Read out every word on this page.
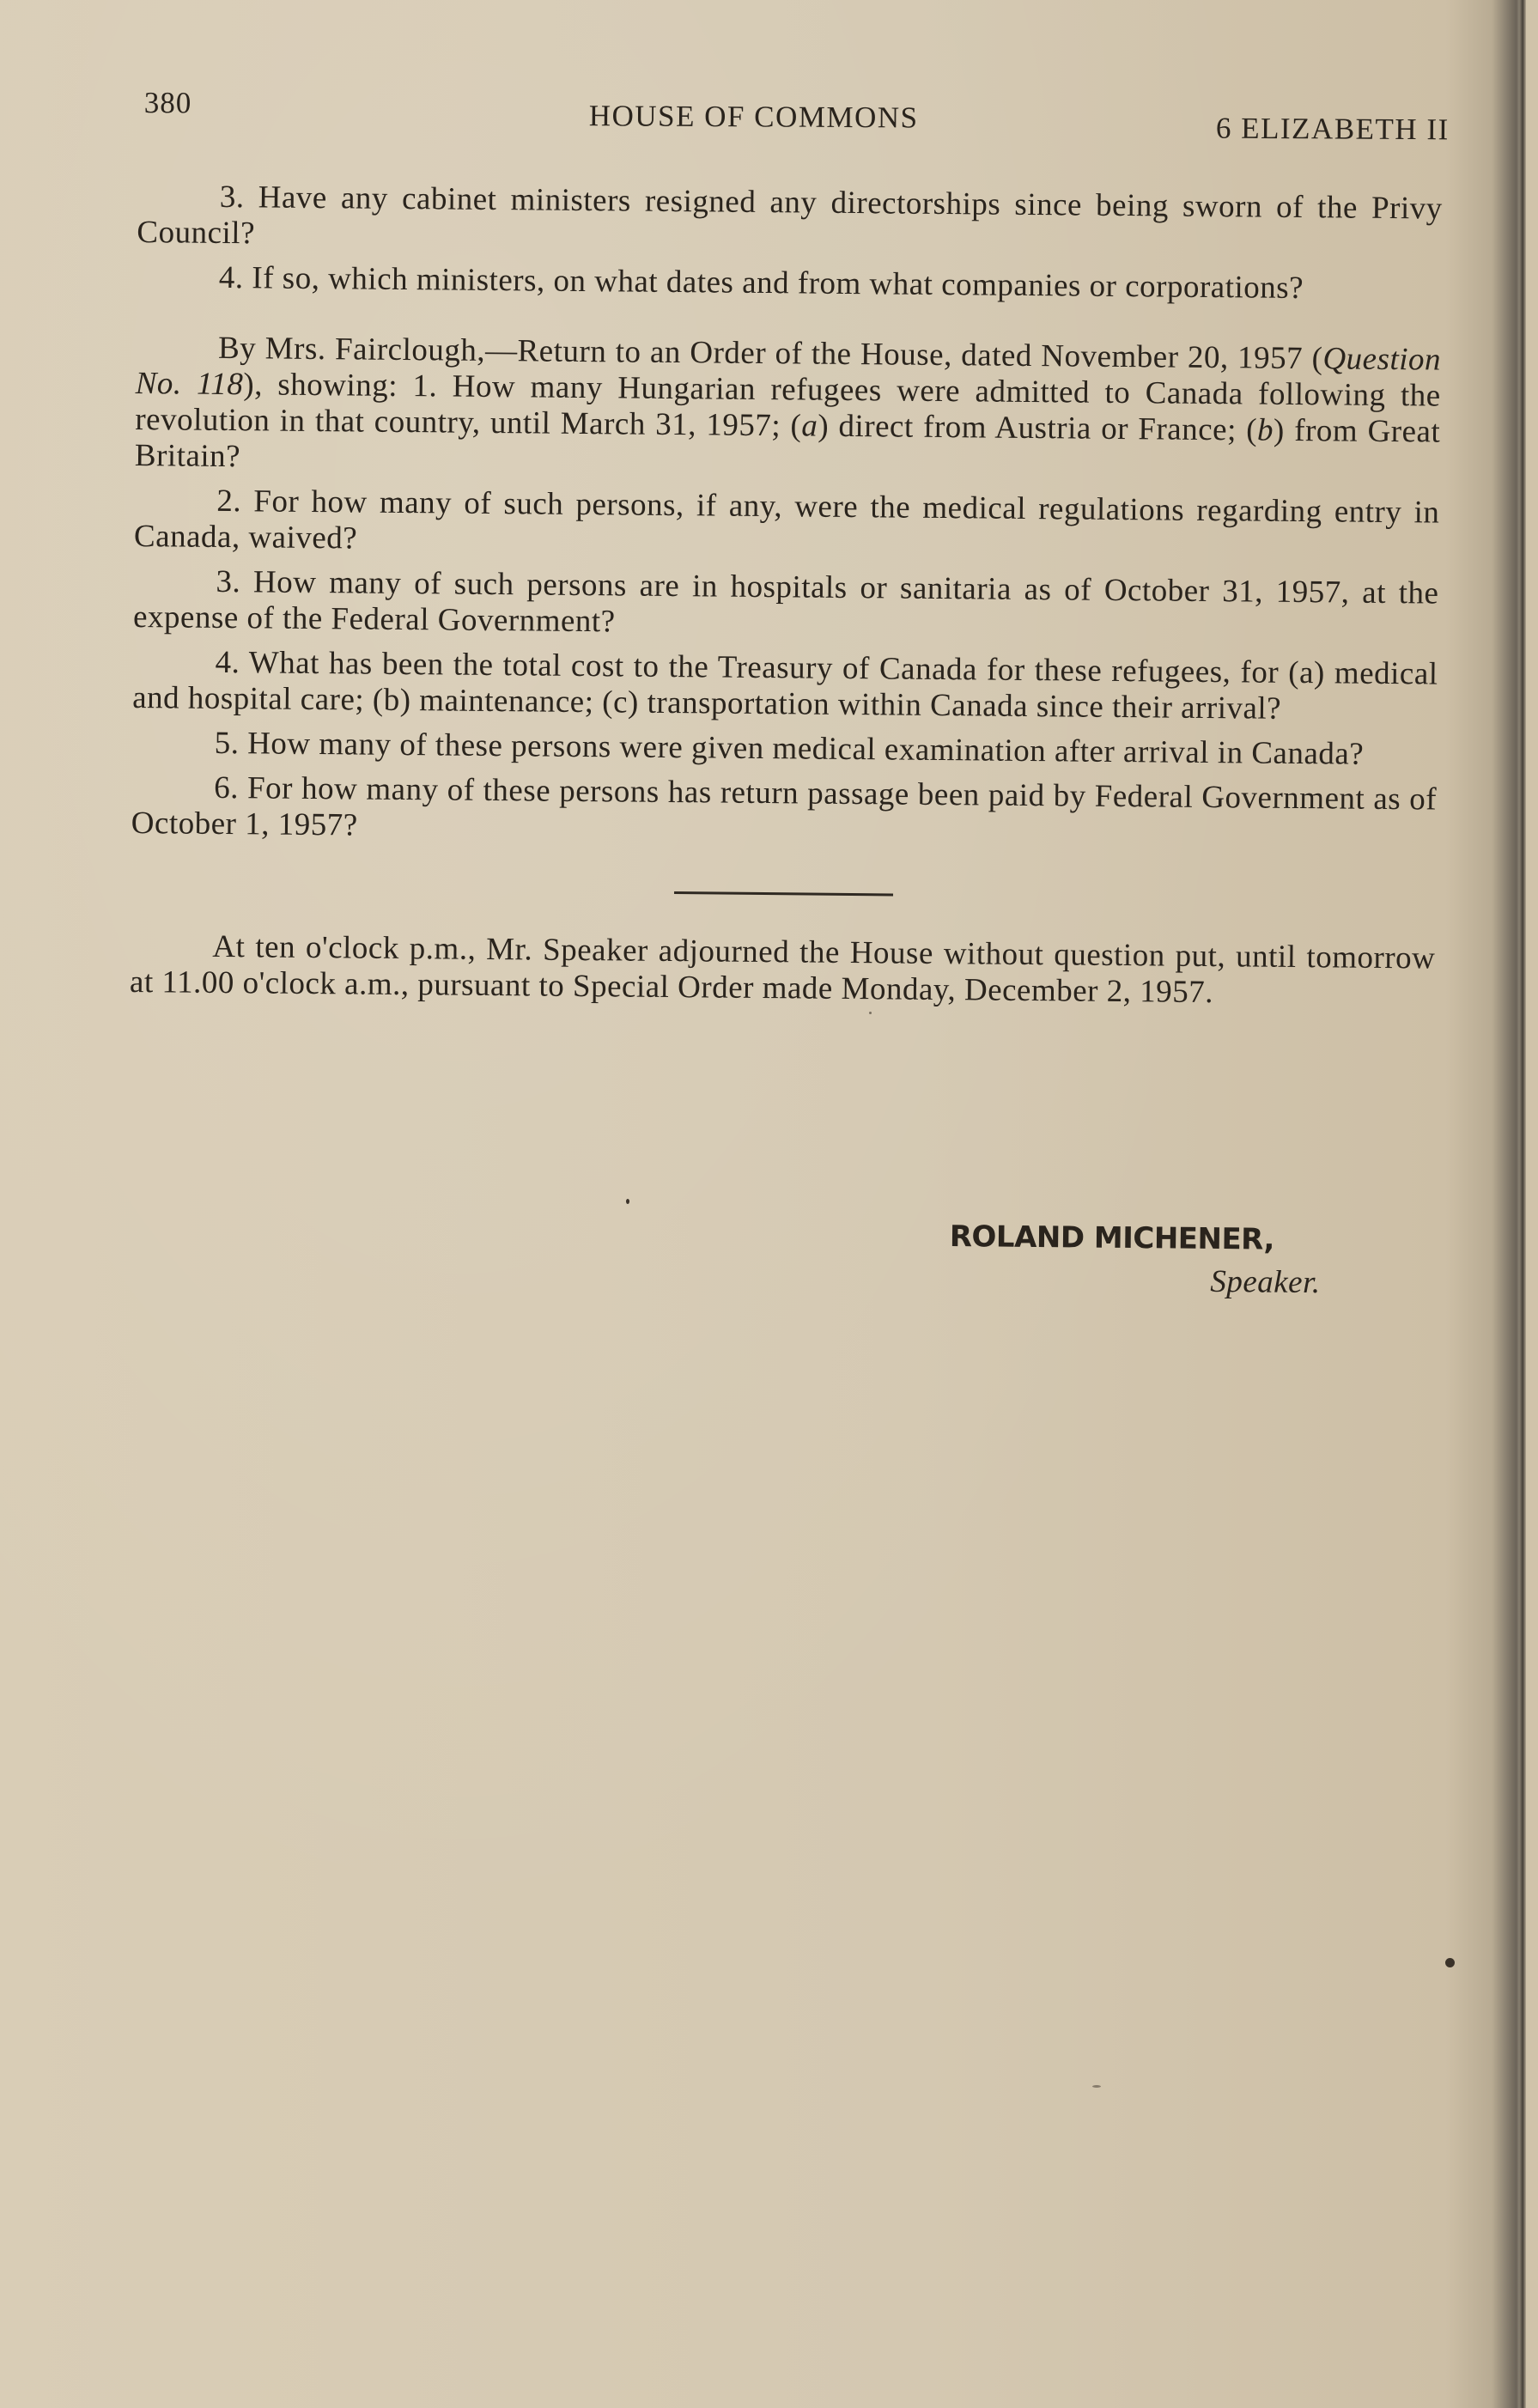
380	HOUSE OF COMMONS	6 ELIZABETH II

3. Have any cabinet ministers resigned any directorships since being sworn of the Privy Council?

4. If so, which ministers, on what dates and from what companies or corporations?

By Mrs. Fairclough,—Return to an Order of the House, dated November 20, 1957 (Question No. 118), showing: 1. How many Hungarian refugees were admitted to Canada following the revolution in that country, until March 31, 1957; (a) direct from Austria or France; (b) from Great Britain?

2. For how many of such persons, if any, were the medical regulations regarding entry in Canada, waived?

3. How many of such persons are in hospitals or sanitaria as of October 31, 1957, at the expense of the Federal Government?

4. What has been the total cost to the Treasury of Canada for these refugees, for (a) medical and hospital care; (b) maintenance; (c) transportation within Canada since their arrival?

5. How many of these persons were given medical examination after arrival in Canada?

6. For how many of these persons has return passage been paid by Federal Government as of October 1, 1957?

At ten o'clock p.m., Mr. Speaker adjourned the House without question put, until tomorrow at 11.00 o'clock a.m., pursuant to Special Order made Monday, December 2, 1957.

ROLAND MICHENER,
Speaker.
